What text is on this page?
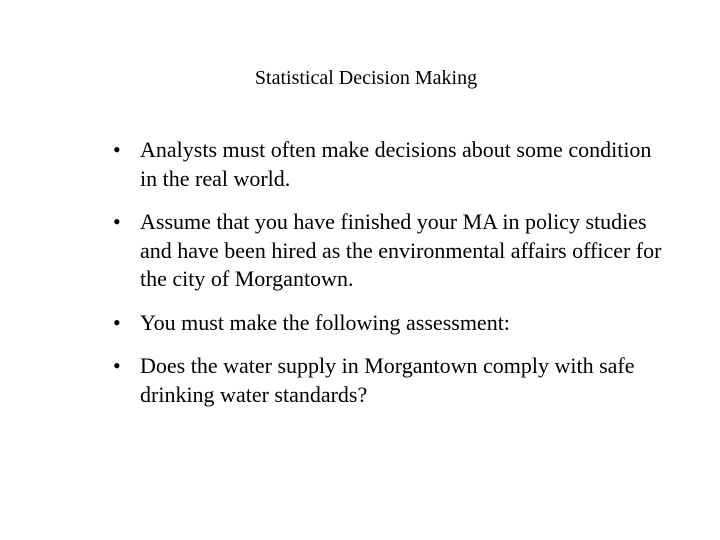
Statistical Decision Making
• Analysts must often make decisions about some condition in the real world.
• Assume that you have finished your MA in policy studies and have been hired as the environmental affairs officer for the city of Morgantown.
• You must make the following assessment:
• Does the water supply in Morgantown comply with safe drinking water standards?
